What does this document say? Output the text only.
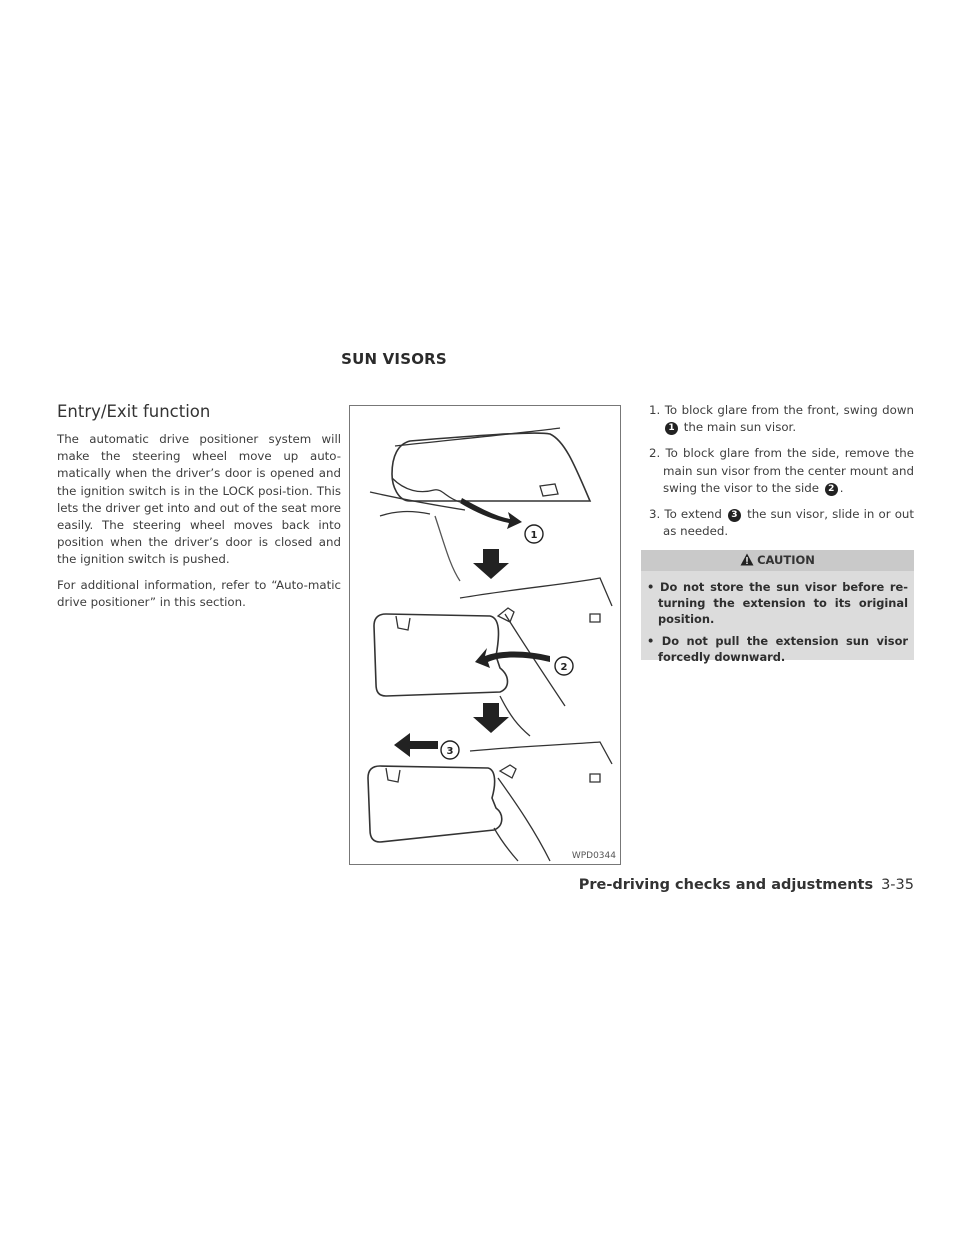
SUN VISORS
Entry/Exit function

The automatic drive positioner system will make the steering wheel move up auto-matically when the driver’s door is opened and the ignition switch is in the LOCK posi-tion. This lets the driver get into and out of the seat more easily. The steering wheel moves back into position when the driver’s door is closed and the ignition switch is pushed.

For additional information, refer to “Auto-matic drive positioner” in this section.

1
2
3
WPD0344
1. To block glare from the front, swing down 1 the main sun visor.
2. To block glare from the side, remove the main sun visor from the center mount and swing the visor to the side 2 .
3. To extend 3 the sun visor, slide in or out as needed.
CAUTION
• Do not store the sun visor before re-turning the extension to its original position.
• Do not pull the extension sun visor forcedly downward.
Pre-driving checks and adjustments 3-35
